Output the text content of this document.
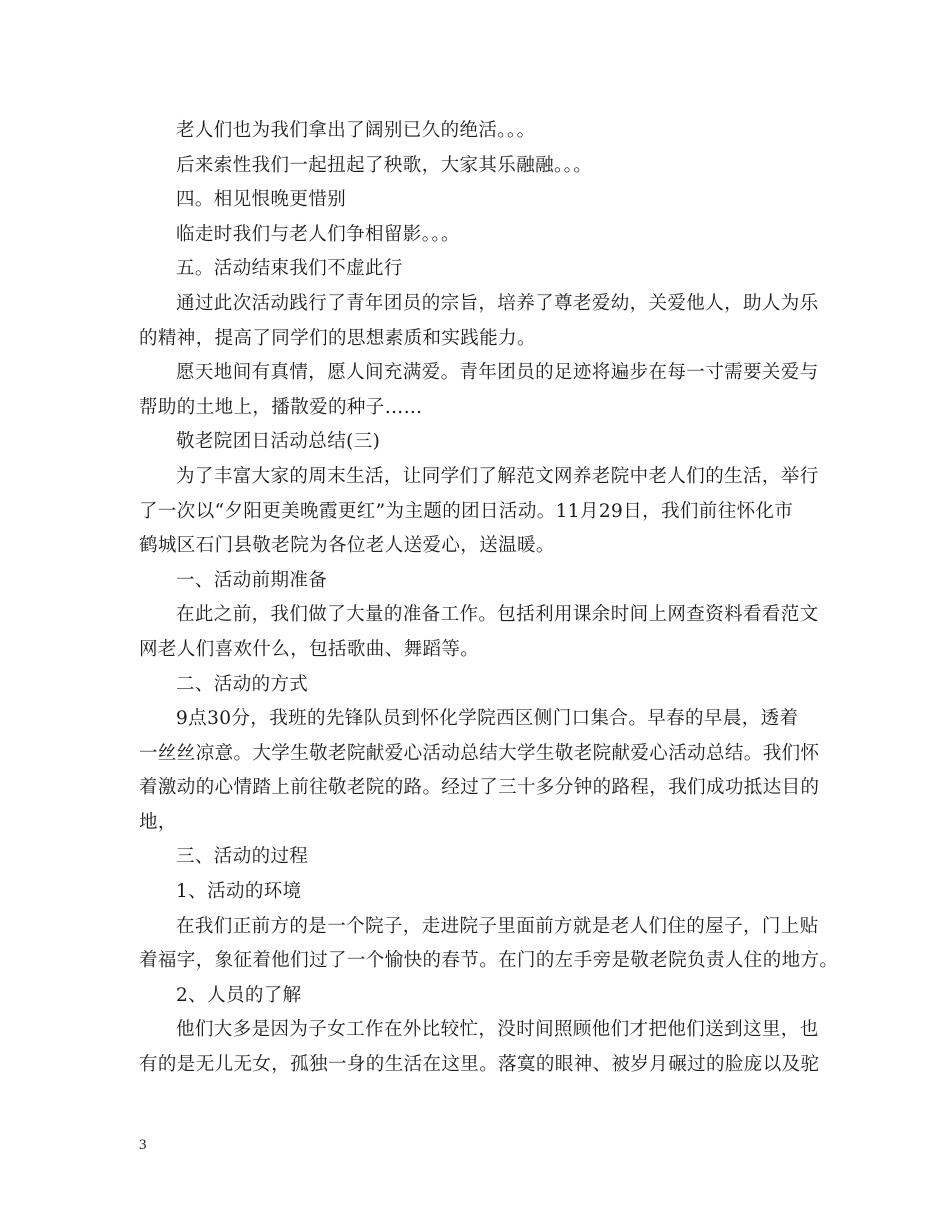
老人们也为我们拿出了阔别已久的绝活。。。
后来索性我们一起扭起了秧歌，大家其乐融融。。。
四。相见恨晚更惜别
临走时我们与老人们争相留影。。。
五。活动结束我们不虚此行
通过此次活动践行了青年团员的宗旨，培养了尊老爱幼，关爱他人，助人为乐
的精神，提高了同学们的思想素质和实践能力。
愿天地间有真情，愿人间充满爱。青年团员的足迹将遍步在每一寸需要关爱与
帮助的土地上，播散爱的种子……
敬老院团日活动总结(三)
为了丰富大家的周末生活，让同学们了解范文网养老院中老人们的生活，举行
了一次以“夕阳更美晚霞更红”为主题的团日活动。11月29日，我们前往怀化市
鹤城区石门县敬老院为各位老人送爱心，送温暖。
一、活动前期准备
在此之前，我们做了大量的准备工作。包括利用课余时间上网查资料看看范文
网老人们喜欢什么，包括歌曲、舞蹈等。
二、活动的方式
9点30分，我班的先锋队员到怀化学院西区侧门口集合。早春的早晨，透着
一丝丝凉意。大学生敬老院献爱心活动总结大学生敬老院献爱心活动总结。我们怀
着激动的心情踏上前往敬老院的路。经过了三十多分钟的路程，我们成功抵达目的
地，
三、活动的过程
1、活动的环境
在我们正前方的是一个院子，走进院子里面前方就是老人们住的屋子，门上贴
着福字，象征着他们过了一个愉快的春节。在门的左手旁是敬老院负责人住的地方。
2、人员的了解
他们大多是因为子女工作在外比较忙，没时间照顾他们才把他们送到这里，也
有的是无儿无女，孤独一身的生活在这里。落寞的眼神、被岁月碾过的脸庞以及驼
3
